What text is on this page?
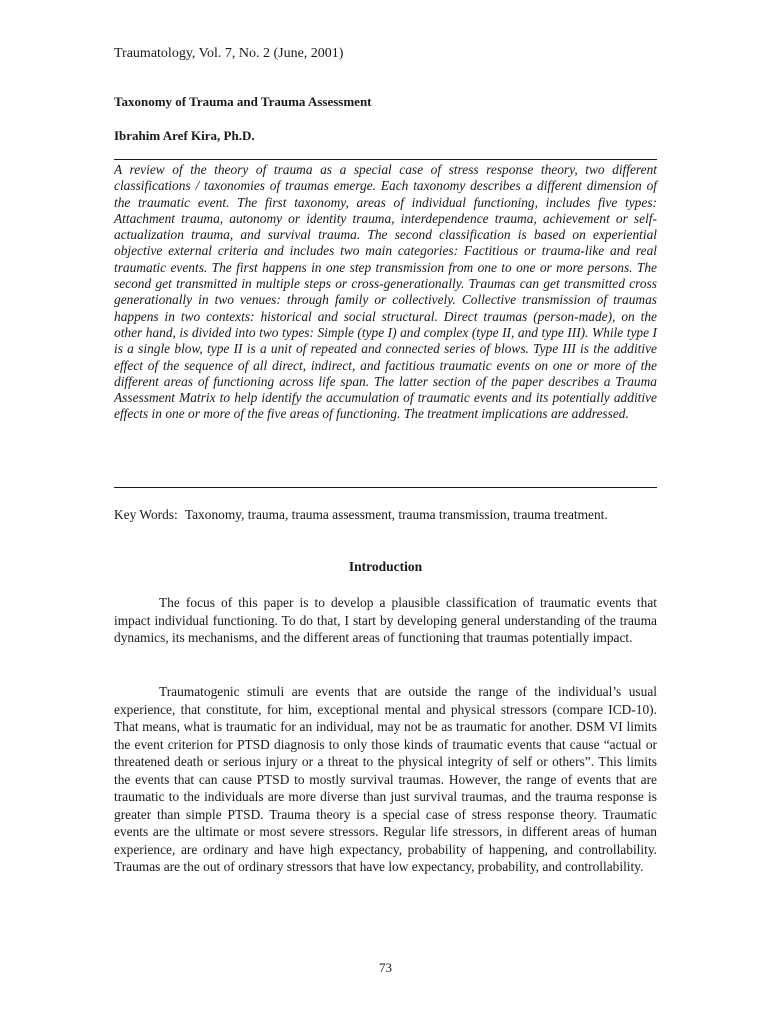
Traumatology, Vol. 7, No. 2 (June, 2001)
Taxonomy of Trauma and Trauma Assessment
Ibrahim Aref Kira, Ph.D.

A review of the theory of trauma as a special case of stress response theory, two different classifications / taxonomies of traumas emerge. Each taxonomy describes a different dimension of the traumatic event. The first taxonomy, areas of individual functioning, includes five types: Attachment trauma, autonomy or identity trauma, interdependence trauma, achievement or self-actualization trauma, and survival trauma. The second classification is based on experiential objective external criteria and includes two main categories: Factitious or trauma-like and real traumatic events. The first happens in one step transmission from one to one or more persons. The second get transmitted in multiple steps or cross-generationally. Traumas can get transmitted cross generationally in two venues: through family or collectively. Collective transmission of traumas happens in two contexts: historical and social structural. Direct traumas (person-made), on the other hand, is divided into two types: Simple (type I) and complex (type II, and type III). While type I is a single blow, type II is a unit of repeated and connected series of blows. Type III is the additive effect of the sequence of all direct, indirect, and factitious traumatic events on one or more of the different areas of functioning across life span. The latter section of the paper describes a Trauma Assessment Matrix to help identify the accumulation of traumatic events and its potentially additive effects in one or more of the five areas of functioning. The treatment implications are addressed.

Key Words: Taxonomy, trauma, trauma assessment, trauma transmission, trauma treatment.

Introduction

The focus of this paper is to develop a plausible classification of traumatic events that impact individual functioning. To do that, I start by developing general understanding of the trauma dynamics, its mechanisms, and the different areas of functioning that traumas potentially impact.

Traumatogenic stimuli are events that are outside the range of the individual’s usual experience, that constitute, for him, exceptional mental and physical stressors (compare ICD-10). That means, what is traumatic for an individual, may not be as traumatic for another. DSM VI limits the event criterion for PTSD diagnosis to only those kinds of traumatic events that cause “actual or threatened death or serious injury or a threat to the physical integrity of self or others”. This limits the events that can cause PTSD to mostly survival traumas. However, the range of events that are traumatic to the individuals are more diverse than just survival traumas, and the trauma response is greater than simple PTSD. Trauma theory is a special case of stress response theory. Traumatic events are the ultimate or most severe stressors. Regular life stressors, in different areas of human experience, are ordinary and have high expectancy, probability of happening, and controllability. Traumas are the out of ordinary stressors that have low expectancy, probability, and controllability.

73
